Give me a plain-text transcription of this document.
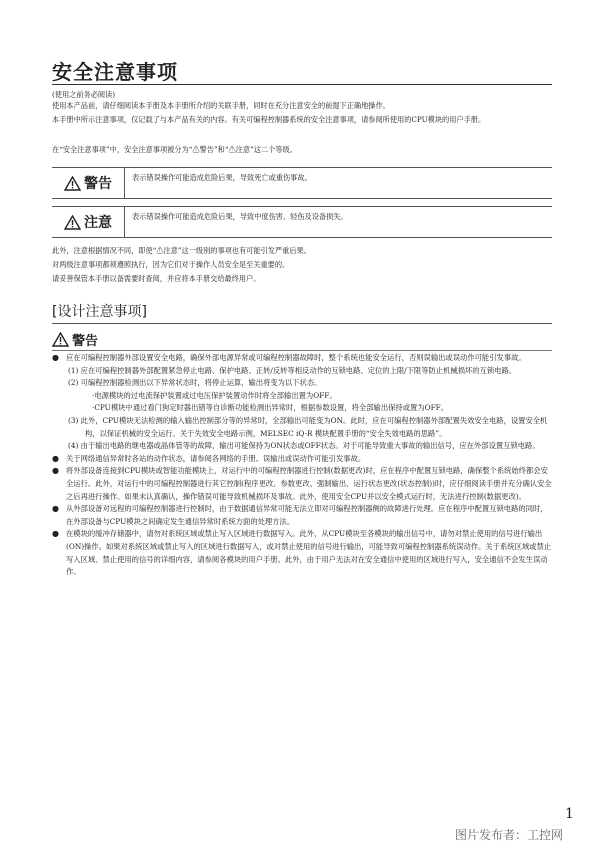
安全注意事项
(使用之前务必阅读)
使用本产品前，请仔细阅读本手册及本手册所介绍的关联手册，同时在充分注意安全的前提下正确地操作。
本手册中所示注意事项，仅记载了与本产品有关的内容。有关可编程控制器系统的安全注意事项，请参阅所使用的CPU模块的用户手册。
在“安全注意事项”中，安全注意事项被分为“⚠警告”和“⚠注意”这二个等级。
警告	表示错误操作可能造成危险后果，导致死亡或重伤事故。
注意	表示错误操作可能造成危险后果，导致中度伤害、轻伤及设备损失。
此外，注意根据情况不同，即使“⚠注意”这一级别的事项也有可能引发严重后果。
对两级注意事项都须遵照执行，因为它们对于操作人员安全是至关重要的。
请妥善保管本手册以备需要时查阅，并应将本手册交给最终用户。
[设计注意事项]
警告
● 应在可编程控制器外部设置安全电路，确保外部电源异常或可编程控制器故障时，整个系统也能安全运行，否则误输出或误动作可能引发事故。
(1) 应在可编程控制器外部配置紧急停止电路、保护电路、正转/反转等相反动作的互锁电路、定位的上限/下限等防止机械损坏的互锁电路。
(2) 可编程控制器检测出以下异常状态时，将停止运算，输出将变为以下状态。
·电源模块的过电流保护装置或过电压保护装置动作时将全部输出置为OFF。
·CPU模块中通过看门狗定时器出错等自诊断功能检测出异常时，根据参数设置，将全部输出保持或置为OFF。
(3) 此外，CPU模块无法检测的输入输出控制部分等的异常时，全部输出可能变为ON。此时，应在可编程控制器外部配置失效安全电路，设置安全机构，以保证机械的安全运行。关于失效安全电路示例，MELSEC iQ-R 模块配置手册的“安全失效电路的思路”。
(4) 由于输出电路的继电器或晶体管等的故障，输出可能保持为ON状态或OFF状态。对于可能导致重大事故的输出信号，应在外部设置互锁电路。
● 关于网络通信异常时各站的动作状态，请参阅各网络的手册。误输出或误动作可能引发事故。
● 将外部设备连接到CPU模块或智能功能模块上，对运行中的可编程控制器进行控制(数据更改)时，应在程序中配置互锁电路，确保整个系统始终都会安全运行。此外，对运行中的可编程控制器进行其它控制(程序更改、参数更改、强制输出、运行状态更改(状态控制))时，应仔细阅读手册并充分确认安全之后再进行操作。如果未认真确认，操作错误可能导致机械损坏及事故。此外，使用安全CPU并以安全模式运行时，无法进行控制(数据更改)。
● 从外部设备对远程的可编程控制器进行控制时，由于数据通信异常可能无法立即对可编程控制器侧的故障进行处理。应在程序中配置互锁电路的同时，在外部设备与CPU模块之间确定发生通信异常时系统方面的处理方法。
● 在模块的缓冲存储器中，请勿对系统区域或禁止写入区域进行数据写入。此外，从CPU模块至各模块的输出信号中，请勿对禁止使用的信号进行输出(ON)操作。如果对系统区域或禁止写入的区域进行数据写入，或对禁止使用的信号进行输出，可能导致可编程控制器系统误动作。关于系统区域或禁止写入区域、禁止使用的信号的详细内容，请参阅各模块的用户手册。此外，由于用户无法对在安全通信中使用的区域进行写入，安全通信不会发生误动作。
1
图片发布者：工控网
